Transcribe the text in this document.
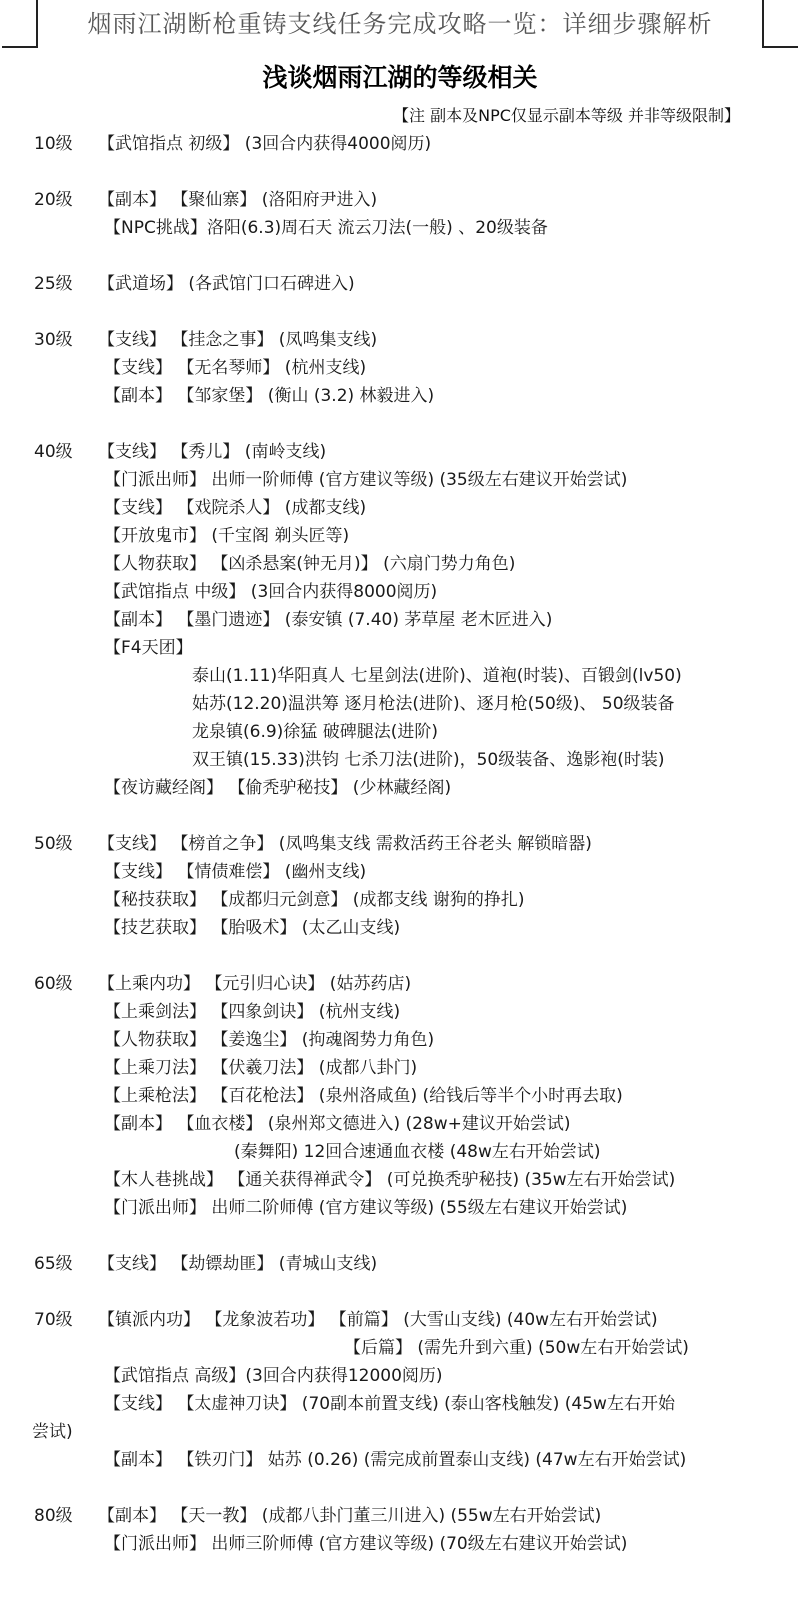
烟雨江湖断枪重铸支线任务完成攻略一览：详细步骤解析
浅谈烟雨江湖的等级相关
【注 副本及NPC仅显示副本等级 并非等级限制】
10级 【武馆指点 初级】 (3回合内获得4000阅历)
20级 【副本】 【聚仙寨】 (洛阳府尹进入)
【NPC挑战】洛阳(6.3)周石天 流云刀法(一般) 、20级装备
25级 【武道场】 (各武馆门口石碑进入)
30级 【支线】 【挂念之事】 (凤鸣集支线)
【支线】 【无名琴师】 (杭州支线)
【副本】 【邹家堡】 (衡山 (3.2) 林毅进入)
40级 【支线】 【秀儿】 (南岭支线)
【门派出师】 出师一阶师傅 (官方建议等级) (35级左右建议开始尝试)
【支线】 【戏院杀人】 (成都支线)
【开放鬼市】 (千宝阁 剃头匠等)
【人物获取】 【凶杀悬案(钟无月)】 (六扇门势力角色)
【武馆指点 中级】 (3回合内获得8000阅历)
【副本】 【墨门遗迹】 (泰安镇 (7.40) 茅草屋 老木匠进入)
【F4天团】
泰山(1.11)华阳真人 七星剑法(进阶)、道袍(时装)、百锻剑(lv50)
姑苏(12.20)温洪筹 逐月枪法(进阶)、逐月枪(50级)、 50级装备
龙泉镇(6.9)徐猛 破碑腿法(进阶)
双王镇(15.33)洪钧 七杀刀法(进阶)，50级装备、逸影袍(时装)
【夜访藏经阁】 【偷秃驴秘技】 (少林藏经阁)
50级 【支线】 【榜首之争】 (凤鸣集支线 需救活药王谷老头 解锁暗器)
【支线】 【情债难偿】 (幽州支线)
【秘技获取】 【成都归元剑意】 (成都支线 谢狗的挣扎)
【技艺获取】 【胎吸术】 (太乙山支线)
60级 【上乘内功】 【元引归心诀】 (姑苏药店)
【上乘剑法】 【四象剑诀】 (杭州支线)
【人物获取】 【姜逸尘】 (拘魂阁势力角色)
【上乘刀法】 【伏羲刀法】 (成都八卦门)
【上乘枪法】 【百花枪法】 (泉州洛咸鱼) (给钱后等半个小时再去取)
【副本】 【血衣楼】 (泉州郑文德进入) (28w+建议开始尝试)
(秦舞阳) 12回合速通血衣楼 (48w左右开始尝试)
【木人巷挑战】 【通关获得禅武令】 (可兑换秃驴秘技) (35w左右开始尝试)
【门派出师】 出师二阶师傅 (官方建议等级) (55级左右建议开始尝试)
65级 【支线】 【劫镖劫匪】 (青城山支线)
70级 【镇派内功】 【龙象波若功】 【前篇】 (大雪山支线) (40w左右开始尝试)
【后篇】 (需先升到六重) (50w左右开始尝试)
【武馆指点 高级】(3回合内获得12000阅历)
【支线】 【太虚神刀诀】 (70副本前置支线) (泰山客栈触发) (45w左右开始
尝试)
【副本】 【铁刃门】 姑苏 (0.26) (需完成前置泰山支线) (47w左右开始尝试)
80级 【副本】 【天一教】 (成都八卦门董三川进入) (55w左右开始尝试)
【门派出师】 出师三阶师傅 (官方建议等级) (70级左右建议开始尝试)
